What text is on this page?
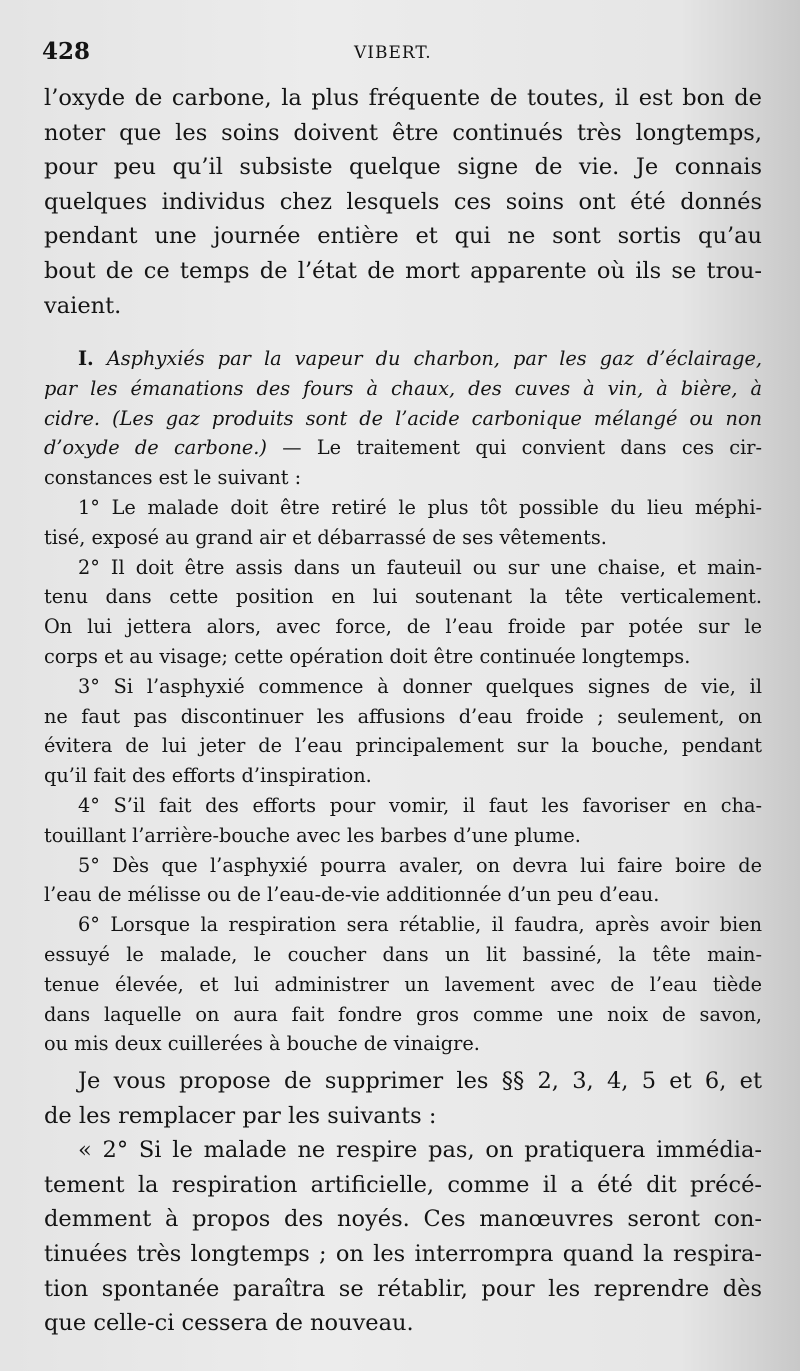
428	VIBERT.
l’oxyde de carbone, la plus fréquente de toutes, il est bon de
noter que les soins doivent être continués très longtemps,
pour peu qu’il subsiste quelque signe de vie. Je connais
quelques individus chez lesquels ces soins ont été donnés
pendant une journée entière et qui ne sont sortis qu’au
bout de ce temps de l’état de mort apparente où ils se trou-
vaient.
I. Asphyxiés par la vapeur du charbon, par les gaz d’éclairage,
par les émanations des fours à chaux, des cuves à vin, à bière, à
cidre. (Les gaz produits sont de l’acide carbonique mélangé ou non
d’oxyde de carbone.) — Le traitement qui convient dans ces cir-
constances est le suivant :
1° Le malade doit être retiré le plus tôt possible du lieu méphi-
tisé, exposé au grand air et débarrassé de ses vêtements.
2° Il doit être assis dans un fauteuil ou sur une chaise, et main-
tenu dans cette position en lui soutenant la tête verticalement.
On lui jettera alors, avec force, de l’eau froide par potée sur le
corps et au visage; cette opération doit être continuée longtemps.
3° Si l’asphyxié commence à donner quelques signes de vie, il
ne faut pas discontinuer les affusions d’eau froide ; seulement, on
évitera de lui jeter de l’eau principalement sur la bouche, pendant
qu’il fait des efforts d’inspiration.
4° S’il fait des efforts pour vomir, il faut les favoriser en cha-
touillant l’arrière-bouche avec les barbes d’une plume.
5° Dès que l’asphyxié pourra avaler, on devra lui faire boire de
l’eau de mélisse ou de l’eau-de-vie additionnée d’un peu d’eau.
6° Lorsque la respiration sera rétablie, il faudra, après avoir bien
essuyé le malade, le coucher dans un lit bassiné, la tête main-
tenue élevée, et lui administrer un lavement avec de l’eau tiède
dans laquelle on aura fait fondre gros comme une noix de savon,
ou mis deux cuillerées à bouche de vinaigre.
Je vous propose de supprimer les §§ 2, 3, 4, 5 et 6, et
de les remplacer par les suivants :
« 2° Si le malade ne respire pas, on pratiquera immédia-
tement la respiration artificielle, comme il a été dit précé-
demment à propos des noyés. Ces manœuvres seront con-
tinuées très longtemps ; on les interrompra quand la respira-
tion spontanée paraîtra se rétablir, pour les reprendre dès
que celle-ci cessera de nouveau.
